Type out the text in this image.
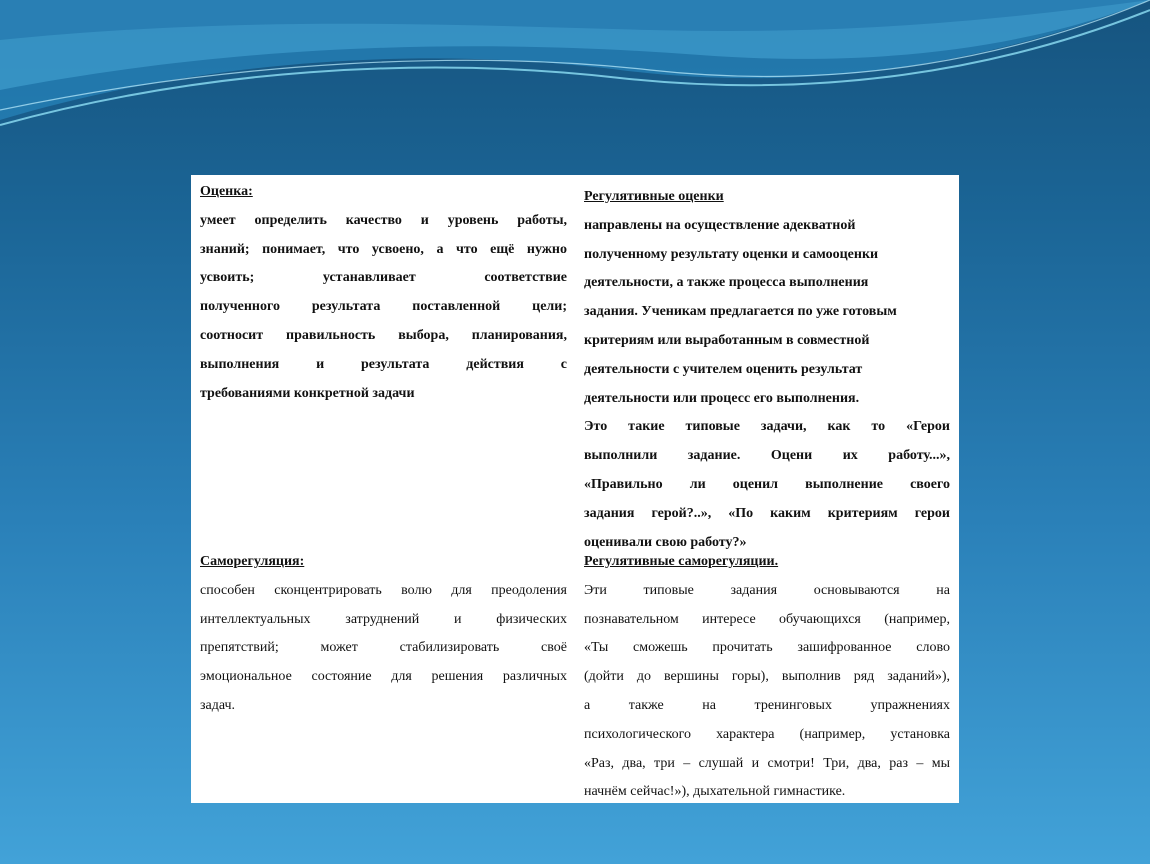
Оценка:
умеет определить качество и уровень работы,
знаний; понимает, что усвоено, а что ещё нужно
усвоить; устанавливает соответствие
полученного результата поставленной цели;
соотносит правильность выбора, планирования,
выполнения и результата действия с
требованиями конкретной задачи
Регулятивные оценки
направлены на осуществление адекватной
полученному результату оценки и самооценки
деятельности, а также процесса выполнения
задания. Ученикам предлагается по уже готовым
критериям или выработанным в совместной
деятельности с учителем оценить результат
деятельности или процесс его выполнения.
Это такие типовые задачи, как то «Герои
выполнили задание. Оцени их работу...»,
«Правильно ли оценил выполнение своего
задания герой?..», «По каким критериям герои
оценивали свою работу?»
Саморегуляция:
способен сконцентрировать волю для преодоления
интеллектуальных затруднений и физических
препятствий; может стабилизировать своё
эмоциональное состояние для решения различных
задач.
Регулятивные саморегуляции.
Эти типовые задания основываются на
познавательном интересе обучающихся (например,
«Ты сможешь прочитать зашифрованное слово
(дойти до вершины горы), выполнив ряд заданий»),
а также на тренинговых упражнениях
психологического характера (например, установка
«Раз, два, три – слушай и смотри! Три, два, раз – мы
начнём сейчас!»), дыхательной гимнастике.
